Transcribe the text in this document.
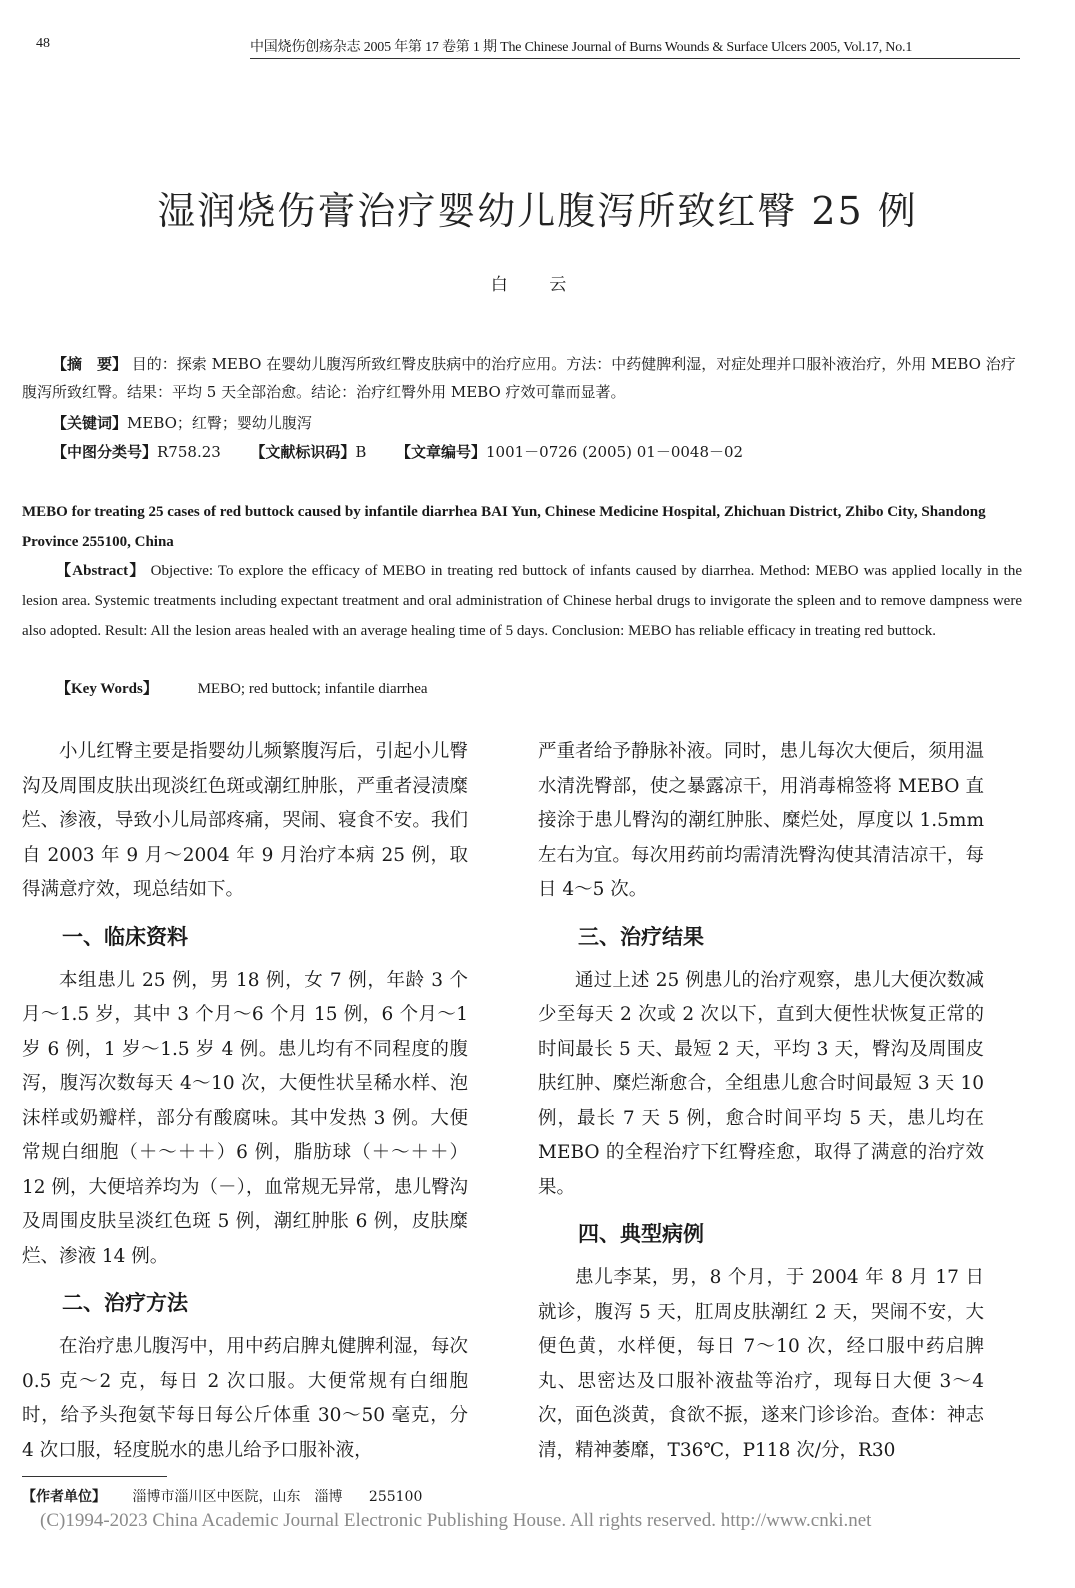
48	中国烧伤创疡杂志 2005 年第 17 卷第 1 期 The Chinese Journal of Burns Wounds & Surface Ulcers 2005, Vol.17, No.1
湿润烧伤膏治疗婴幼儿腹泻所致红臀 25 例
白 云
【摘　要】 目的：探索 MEBO 在婴幼儿腹泻所致红臀皮肤病中的治疗应用。方法：中药健脾利湿，对症处理并口服补液治疗，外用 MEBO 治疗腹泻所致红臀。结果：平均 5 天全部治愈。结论：治疗红臀外用 MEBO 疗效可靠而显著。
【关键词】MEBO；红臀；婴幼儿腹泻
【中图分类号】R758.23 【文献标识码】B 【文章编号】1001－0726 (2005) 01－0048－02
MEBO for treating 25 cases of red buttock caused by infantile diarrhea BAI Yun, Chinese Medicine Hospital, Zhichuan District, Zhibo City, Shandong Province 255100, China
【Abstract】 Objective: To explore the efficacy of MEBO in treating red buttock of infants caused by diarrhea. Method: MEBO was applied locally in the lesion area. Systemic treatments including expectant treatment and oral administration of Chinese herbal drugs to invigorate the spleen and to remove dampness were also adopted. Result: All the lesion areas healed with an average healing time of 5 days. Conclusion: MEBO has reliable efficacy in treating red buttock.
【Key Words】	MEBO; red buttock; infantile diarrhea

小儿红臀主要是指婴幼儿频繁腹泻后，引起小儿臀沟及周围皮肤出现淡红色斑或潮红肿胀，严重者浸渍糜烂、渗液，导致小儿局部疼痛，哭闹、寝食不安。我们自 2003 年 9 月～2004 年 9 月治疗本病 25 例，取得满意疗效，现总结如下。

一、临床资料

本组患儿 25 例，男 18 例，女 7 例，年龄 3 个月～1.5 岁，其中 3 个月～6 个月 15 例，6 个月～1 岁 6 例，1 岁～1.5 岁 4 例。患儿均有不同程度的腹泻，腹泻次数每天 4～10 次，大便性状呈稀水样、泡沫样或奶瓣样，部分有酸腐味。其中发热 3 例。大便常规白细胞（＋～＋＋）6 例，脂肪球（＋～＋＋）12 例，大便培养均为（－），血常规无异常，患儿臀沟及周围皮肤呈淡红色斑 5 例，潮红肿胀 6 例，皮肤糜烂、渗液 14 例。

二、治疗方法

在治疗患儿腹泻中，用中药启脾丸健脾利湿，每次 0.5 克～2 克，每日 2 次口服。大便常规有白细胞时，给予头孢氨苄每日每公斤体重 30～50 毫克，分 4 次口服，轻度脱水的患儿给予口服补液，

严重者给予静脉补液。同时，患儿每次大便后，须用温水清洗臀部，使之暴露凉干，用消毒棉签将 MEBO 直接涂于患儿臀沟的潮红肿胀、糜烂处，厚度以 1.5mm 左右为宜。每次用药前均需清洗臀沟使其清洁凉干，每日 4～5 次。

三、治疗结果

通过上述 25 例患儿的治疗观察，患儿大便次数减少至每天 2 次或 2 次以下，直到大便性状恢复正常的时间最长 5 天、最短 2 天，平均 3 天，臀沟及周围皮肤红肿、糜烂渐愈合，全组患儿愈合时间最短 3 天 10 例，最长 7 天 5 例，愈合时间平均 5 天，患儿均在 MEBO 的全程治疗下红臀痊愈，取得了满意的治疗效果。

四、典型病例

患儿李某，男，8 个月，于 2004 年 8 月 17 日就诊，腹泻 5 天，肛周皮肤潮红 2 天，哭闹不安，大便色黄，水样便，每日 7～10 次，经口服中药启脾丸、思密达及口服补液盐等治疗，现每日大便 3～4 次，面色淡黄，食欲不振，遂来门诊诊治。查体：神志清，精神萎靡，T36℃，P118 次/分，R30

【作者单位】 淄博市淄川区中医院，山东　淄博 255100
(C)1994-2023 China Academic Journal Electronic Publishing House. All rights reserved. http://www.cnki.net
